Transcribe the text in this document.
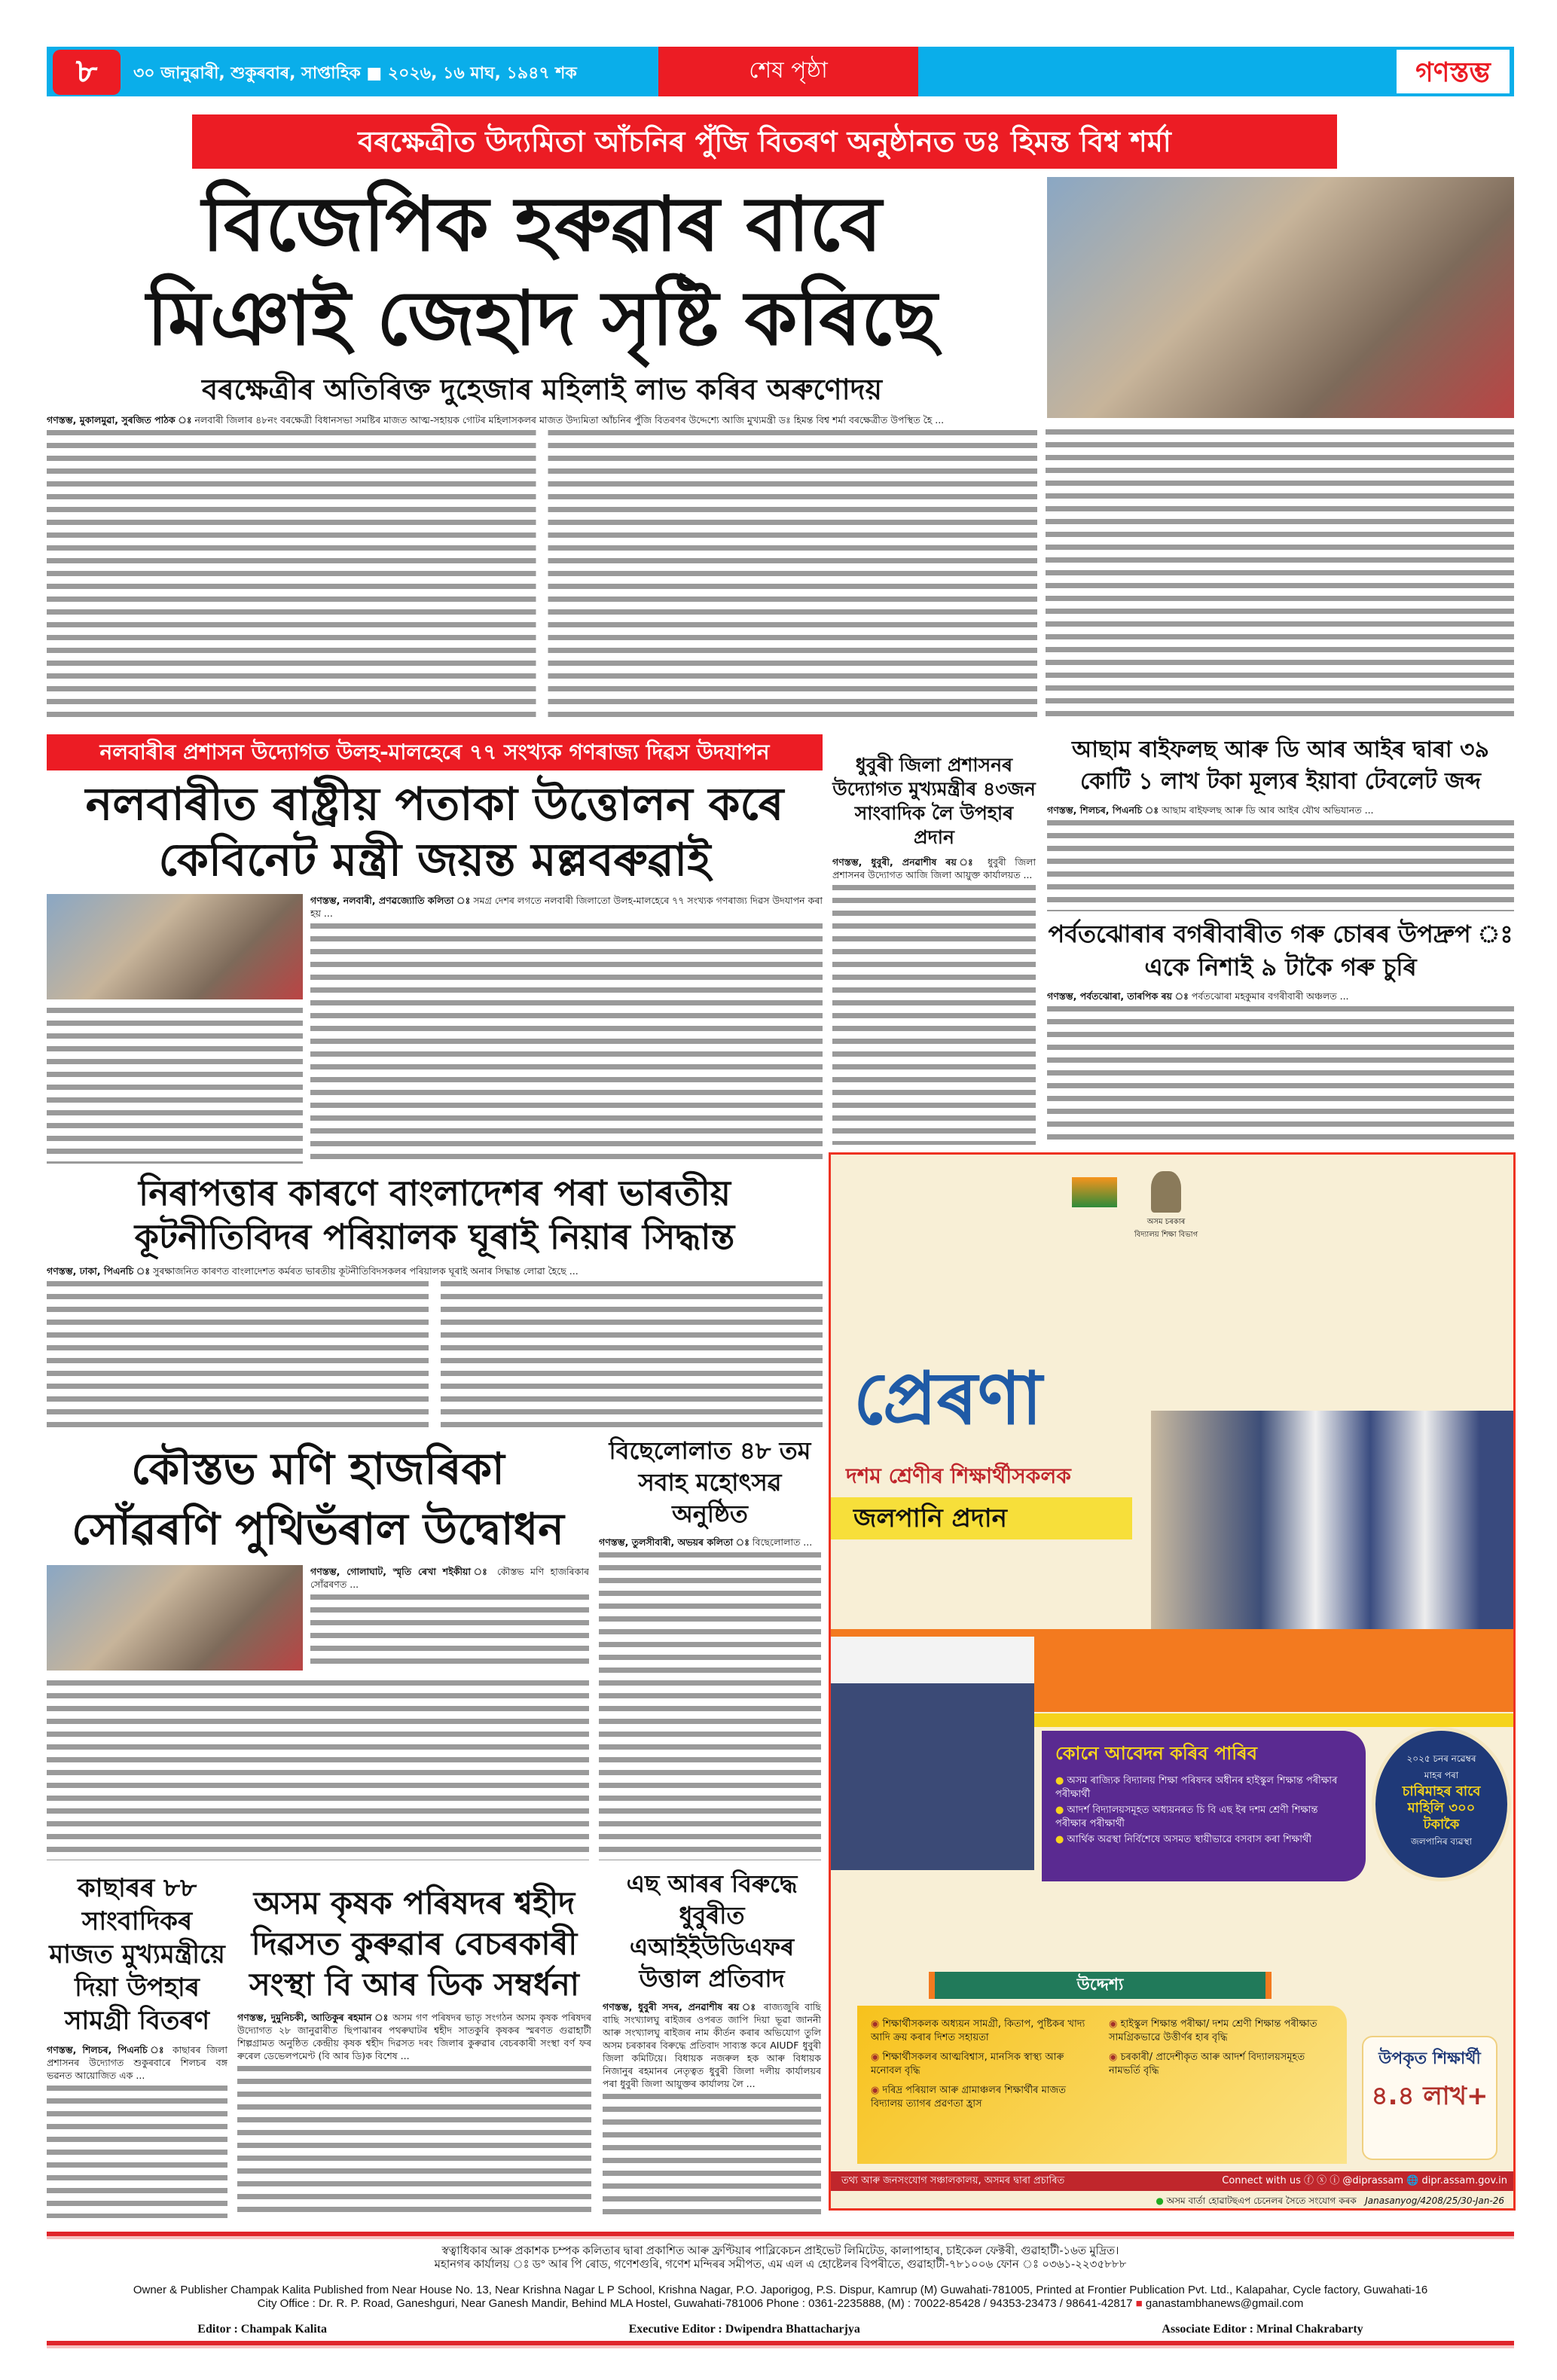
৮	৩০ জানুৱাৰী, শুকুৰবাৰ, সাপ্তাহিক ■ ২০২৬, ১৬ মাঘ, ১৯৪৭ শক	শেষ পৃষ্ঠা	গণস্তম্ভ
বৰক্ষেত্ৰীত উদ্যমিতা আঁচনিৰ পুঁজি বিতৰণ অনুষ্ঠানত ডঃ হিমন্ত বিশ্ব শৰ্মা
বিজেপিক হৰুৱাৰ বাবে
মিঞাই জেহাদ সৃষ্টি কৰিছে
বৰক্ষেত্ৰীৰ অতিৰিক্ত দুহেজাৰ মহিলাই লাভ কৰিব অৰুণোদয়

গণস্তম্ভ, মুকালমুৱা, সুৰজিত পাঠক ঃ নলবাৰী জিলাৰ ৪৮নং বৰক্ষেত্ৰী বিধানসভা সমষ্টিৰ মাজত আত্ম-সহায়ক গোটৰ মহিলাসকলৰ মাজত উদ্যমিতা আঁচনিৰ পুঁজি বিতৰণৰ উদ্দেশ্যে আজি মুখ্যমন্ত্ৰী ডঃ হিমন্ত বিশ্ব শৰ্মা বৰক্ষেত্ৰীত উপস্থিত হৈ ...

নলবাৰীৰ প্ৰশাসন উদ্যোগত উলহ-মালহেৰে ৭৭ সংখ্যক গণৰাজ্য দিৱস উদযাপন
নলবাৰীত ৰাষ্ট্ৰীয় পতাকা উত্তোলন কৰে
কেবিনেট মন্ত্ৰী জয়ন্ত মল্লবৰুৱাই

গণস্তম্ভ, নলবাৰী, প্ৰণৱজ্যোতি কলিতা ঃ সমগ্ৰ দেশৰ লগতে নলবাৰী জিলাতো উলহ-মালহেৰে ৭৭ সংখ্যক গণৰাজ্য দিৱস উদযাপন কৰা হয় ...

ধুবুৰী জিলা প্ৰশাসনৰ উদ্যোগত মুখ্যমন্ত্ৰীৰ ৪৩জন সাংবাদিক লৈ উপহাৰ প্ৰদান

গণস্তম্ভ, ধুবুৰী, প্ৰনৱাশীষ ৰয় ঃ ধুবুৰী জিলা প্ৰশাসনৰ উদ্যোগত আজি জিলা আয়ুক্ত কাৰ্যালয়ত ...

আছাম ৰাইফলছ আৰু ডি আৰ আইৰ দ্বাৰা ৩৯ কোটি ১ লাখ টকা মূল্যৰ ইয়াবা টেবলেট জব্দ

গণস্তম্ভ, শিলচৰ, পিএনচি ঃ আছাম ৰাইফলছ আৰু ডি আৰ আইৰ যৌথ অভিযানত ...

পৰ্বতঝোৰাৰ বগৰীবাৰীত গৰু চোৰৰ উপদ্ৰুপ ঃ একে নিশাই ৯ টাকৈ গৰু চুৰি

গণস্তম্ভ, পৰ্বতঝোৰা, তাৰপিক ৰয় ঃ পৰ্বতঝোৰা মহকুমাৰ বগৰীবাৰী অঞ্চলত ...

নিৰাপত্তাৰ কাৰণে বাংলাদেশৰ পৰা ভাৰতীয়
কূটনীতিবিদৰ পৰিয়ালক ঘূৰাই নিয়াৰ সিদ্ধান্ত

গণস্তম্ভ, ঢাকা, পিএনচি ঃ সুৰক্ষাজনিত কাৰণত বাংলাদেশত কৰ্মৰত ভাৰতীয় কূটনীতিবিদসকলৰ পৰিয়ালক ঘূৰাই অনাৰ সিদ্ধান্ত লোৱা হৈছে ...

বিছেলোলাত ৪৮ তম সবাহ মহোৎসৱ অনুষ্ঠিত

গণস্তম্ভ, তুলসীবাৰী, অভয়ৰ কলিতা ঃ বিছেলোলাত ...

কৌস্তভ মণি হাজৰিকা
সোঁৱৰণি পুথিভঁৰাল উদ্বোধন

গণস্তম্ভ, গোলাঘাট, স্মৃতি ৰেখা শইকীয়া ঃ কৌস্তভ মণি হাজৰিকাৰ সোঁৱৰণত ...

কাছাৰৰ ৮৮ সাংবাদিকৰ মাজত মুখ্যমন্ত্ৰীয়ে দিয়া উপহাৰ সামগ্ৰী বিতৰণ

গণস্তম্ভ, শিলচৰ, পিএনচি ঃ কাছাৰৰ জিলা প্ৰশাসনৰ উদ্যোগত শুকুৰবাৰে শিলচৰ বঙ্গ ভৱনত আয়োজিত এক ...

অসম কৃষক পৰিষদৰ শ্বহীদ দিৱসত কুৰুৱাৰ বেচৰকাৰী সংস্থা বি আৰ ডিক সম্বৰ্ধনা

গণস্তম্ভ, দুমুনিচকী, আতিকুৰ ৰহমান ঃ অসম গণ পৰিষদৰ ভাতৃ সংগঠন অসম কৃষক পৰিষদৰ উদ্যোগত ২৮ জানুৱাৰীত ছিপাঝাৰৰ পথৰুঘাটৰ শ্বহীদ সাতকুৰি কৃষকৰ স্মৰণত গুৱাহাটী শিল্পগ্ৰামত অনুষ্ঠিত কেন্দ্ৰীয় কৃষক শ্বহীদ দিৱসত দৰং জিলাৰ কুৰুৱাৰ বেচৰকাৰী সংস্থা বৰ্ণ ফৰ ৰুৰেল ডেভেলপমেণ্ট (বি আৰ ডি)ক বিশেষ ...

এছ আৰৰ বিৰুদ্ধে ধুবুৰীত এআইইউডিএফৰ উত্তাল প্ৰতিবাদ

গণস্তম্ভ, ধুবুৰী সদৰ, প্ৰনৱাশীষ ৰয় ঃ ৰাজ্যজুৰি বাছি বাছি সংখ্যালঘু ৰাইজৰ ওপৰত জাপি দিয়া ভূৱা জাননী আৰু সংখ্যালঘু ৰাইজৰ নাম কীৰ্তন কৰাৰ অভিযোগ তুলি অসম চৰকাৰৰ বিৰুদ্ধে প্ৰতিবাদ সাব্যস্ত কৰে AIUDF ধুবুৰী জিলা কমিটিয়ে। বিধায়ক নজৰুল হক আৰু বিধায়ক নিজানুৰ ৰহমানৰ নেতৃত্বত ধুবুৰী জিলা দলীয় কাৰ্যালয়ৰ পৰা ধুবুৰী জিলা আয়ুক্তৰ কাৰ্যালয় লৈ ...

অসম চৰকাৰ
বিদ্যালয় শিক্ষা বিভাগ
প্ৰেৰণা
দশম শ্ৰেণীৰ শিক্ষাৰ্থীসকলক
জলপানি প্ৰদান
কোনে আবেদন কৰিব পাৰিব
● অসম ৰাজ্যিক বিদ্যালয় শিক্ষা পৰিষদৰ অধীনৰ হাইস্কুল শিক্ষান্ত পৰীক্ষাৰ পৰীক্ষাৰ্থী
● আদৰ্শ বিদ্যালয়সমূহত অধ্যয়নৰত চি বি এছ ইৰ দশম শ্ৰেণী শিক্ষান্ত পৰীক্ষাৰ পৰীক্ষাৰ্থী
● আৰ্থিক অৱস্থা নিৰ্বিশেষে অসমত স্থায়ীভাৱে বসবাস কৰা শিক্ষাৰ্থী
২০২৫ চনৰ নৱেম্বৰ
মাহৰ পৰা
চাৰিমাহৰ বাবে
মাহিলি ৩০০
টকাকৈ
জলপানিৰ ব্যৱস্থা
উদ্দেশ্য
◉ শিক্ষাৰ্থীসকলক অধ্যয়ন সামগ্ৰী, কিতাপ, পুষ্টিকৰ খাদ্য আদি ক্ৰয় কৰাৰ দিশত সহায়তা
◉ হাইস্কুল শিক্ষান্ত পৰীক্ষা/ দশম শ্ৰেণী শিক্ষান্ত পৰীক্ষাত সামগ্ৰিকভাৱে উত্তীৰ্ণৰ হাৰ বৃদ্ধি
◉ শিক্ষাৰ্থীসকলৰ আত্মবিশ্বাস, মানসিক স্বাস্থ্য আৰু মনোবল বৃদ্ধি
◉ চৰকাৰী/ প্ৰাদেশীকৃত আৰু আদৰ্শ বিদ্যালয়সমূহত নামভৰ্তি বৃদ্ধি
◉ দৰিদ্ৰ পৰিয়াল আৰু গ্ৰামাঞ্চলৰ শিক্ষাৰ্থীৰ মাজত বিদ্যালয় ত্যাগৰ প্ৰৱণতা হ্ৰাস
উপকৃত শিক্ষাৰ্থী
৪.৪ লাখ+
তথ্য আৰু জনসংযোগ সঞ্চালকালয়, অসমৰ দ্বাৰা প্ৰচাৰিত	Connect with us ⓕ ⓧ ⓘ @diprassam 🌐 dipr.assam.gov.in
● অসম বাৰ্তা হোৱাটছএপ চেনেলৰ সৈতে সংযোগ কৰক Janasanyog/4208/25/30-Jan-26
স্বত্বাধিকাৰ আৰু প্ৰকাশক চম্পক কলিতাৰ দ্বাৰা প্ৰকাশিত আৰু ফ্ৰণ্টিয়াৰ পাব্লিকেচন প্ৰাইভেট লিমিটেড, কালাপাহাৰ, চাইকেল ফেক্টৰী, গুৱাহাটী-১৬ত মুদ্ৰিত।
মহানগৰ কাৰ্যালয় ঃ ড° আৰ পি ৰোড, গণেশগুৰি, গণেশ মন্দিৰৰ সমীপত, এম এল এ হোষ্টেলৰ বিপৰীতে, গুৱাহাটী-৭৮১০০৬ ফোন ঃ ০৩৬১-২২৩৫৮৮৮
Owner & Publisher Champak Kalita Published from Near House No. 13, Near Krishna Nagar L P School, Krishna Nagar, P.O. Japorigog, P.S. Dispur, Kamrup (M) Guwahati-781005, Printed at Frontier Publication Pvt. Ltd., Kalapahar, Cycle factory, Guwahati-16
City Office : Dr. R. P. Road, Ganeshguri, Near Ganesh Mandir, Behind MLA Hostel, Guwahati-781006 Phone : 0361-2235888, (M) : 70022-85428 / 94353-23473 / 98641-42817 ■ ganastambhanews@gmail.com
Editor : Champak Kalita	Executive Editor : Dwipendra Bhattacharjya	Associate Editor : Mrinal Chakrabarty
